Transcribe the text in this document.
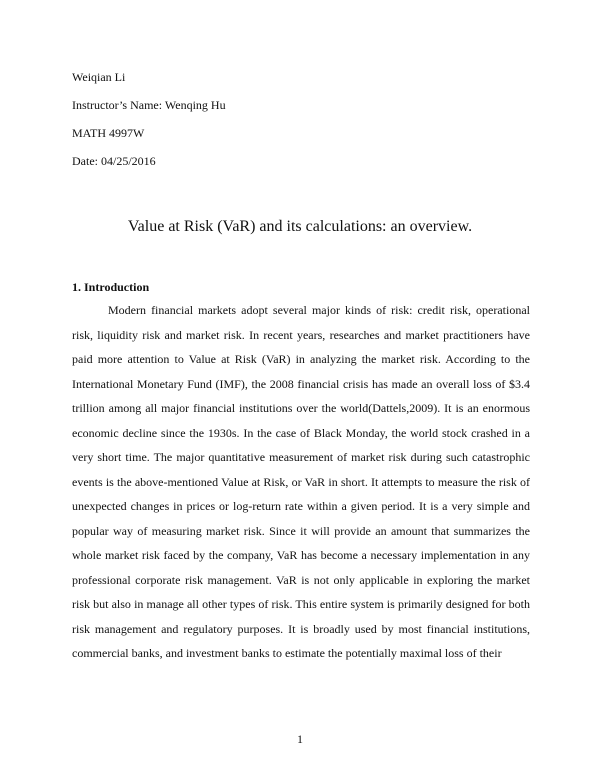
Weiqian Li
Instructor’s Name: Wenqing Hu
MATH 4997W
Date: 04/25/2016
Value at Risk (VaR) and its calculations: an overview.
1. Introduction

Modern financial markets adopt several major kinds of risk: credit risk, operational risk, liquidity risk and market risk. In recent years, researches and market practitioners have paid more attention to Value at Risk (VaR) in analyzing the market risk. According to the International Monetary Fund (IMF), the 2008 financial crisis has made an overall loss of $3.4 trillion among all major financial institutions over the world(Dattels,2009). It is an enormous economic decline since the 1930s. In the case of Black Monday, the world stock crashed in a very short time. The major quantitative measurement of market risk during such catastrophic events is the above-mentioned Value at Risk, or VaR in short. It attempts to measure the risk of unexpected changes in prices or log-return rate within a given period. It is a very simple and popular way of measuring market risk. Since it will provide an amount that summarizes the whole market risk faced by the company, VaR has become a necessary implementation in any professional corporate risk management. VaR is not only applicable in exploring the market risk but also in manage all other types of risk. This entire system is primarily designed for both risk management and regulatory purposes. It is broadly used by most financial institutions, commercial banks, and investment banks to estimate the potentially maximal loss of their

1
